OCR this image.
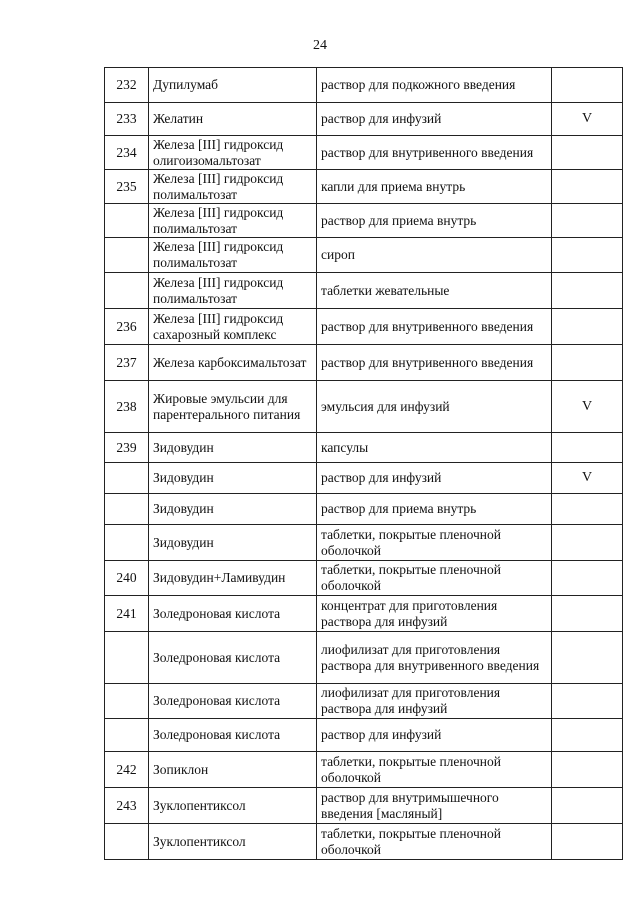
24
232	Дупилумаб	раствор для подкожного введения	
233	Желатин	раствор для инфузий	V
234	Железа [III] гидроксид олигоизомальтозат	раствор для внутривенного введения	
235	Железа [III] гидроксид полимальтозат	капли для приема внутрь	
	Железа [III] гидроксид полимальтозат	раствор для приема внутрь	
	Железа [III] гидроксид полимальтозат	сироп	
	Железа [III] гидроксид полимальтозат	таблетки жевательные	
236	Железа [III] гидроксид сахарозный комплекс	раствор для внутривенного введения	
237	Железа карбоксимальтозат	раствор для внутривенного введения	
238	Жировые эмульсии для парентерального питания	эмульсия для инфузий	V
239	Зидовудин	капсулы	
	Зидовудин	раствор для инфузий	V
	Зидовудин	раствор для приема внутрь	
	Зидовудин	таблетки, покрытые пленочной оболочкой	
240	Зидовудин+Ламивудин	таблетки, покрытые пленочной оболочкой	
241	Золедроновая кислота	концентрат для приготовления раствора для инфузий	
	Золедроновая кислота	лиофилизат для приготовления раствора для внутривенного введения	
	Золедроновая кислота	лиофилизат для приготовления раствора для инфузий	
	Золедроновая кислота	раствор для инфузий	
242	Зопиклон	таблетки, покрытые пленочной оболочкой	
243	Зуклопентиксол	раствор для внутримышечного введения [масляный]	
	Зуклопентиксол	таблетки, покрытые пленочной оболочкой	
